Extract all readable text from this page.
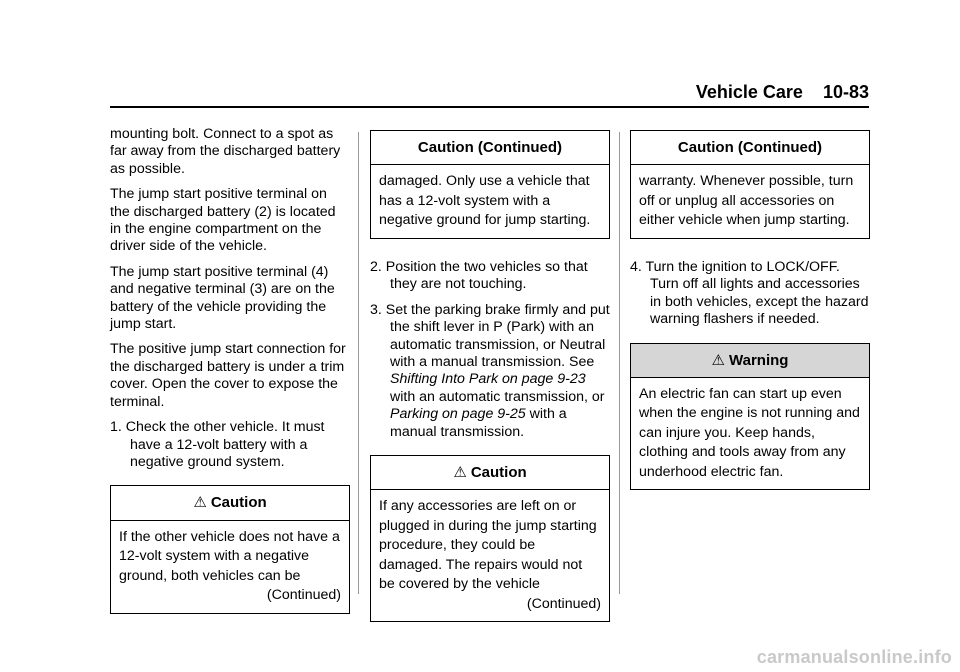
Vehicle Care 10-83

mounting bolt. Connect to a spot as far away from the discharged battery as possible.

The jump start positive terminal on the discharged battery (2) is located in the engine compartment on the driver side of the vehicle.

The jump start positive terminal (4) and negative terminal (3) are on the battery of the vehicle providing the jump start.

The positive jump start connection for the discharged battery is under a trim cover. Open the cover to expose the terminal.

1. Check the other vehicle. It must have a 12-volt battery with a negative ground system.

⚠ Caution

If the other vehicle does not have a 12-volt system with a negative ground, both vehicles can be

(Continued)

Caution (Continued)

damaged. Only use a vehicle that has a 12-volt system with a negative ground for jump starting.

2. Position the two vehicles so that they are not touching.

3. Set the parking brake firmly and put the shift lever in P (Park) with an automatic transmission, or Neutral with a manual transmission. See Shifting Into Park on page 9-23 with an automatic transmission, or Parking on page 9-25 with a manual transmission.

⚠ Caution

If any accessories are left on or plugged in during the jump starting procedure, they could be damaged. The repairs would not be covered by the vehicle

(Continued)

Caution (Continued)

warranty. Whenever possible, turn off or unplug all accessories on either vehicle when jump starting.

4. Turn the ignition to LOCK/OFF. Turn off all lights and accessories in both vehicles, except the hazard warning flashers if needed.

⚠ Warning

An electric fan can start up even when the engine is not running and can injure you. Keep hands, clothing and tools away from any underhood electric fan.

carmanualsonline.info
